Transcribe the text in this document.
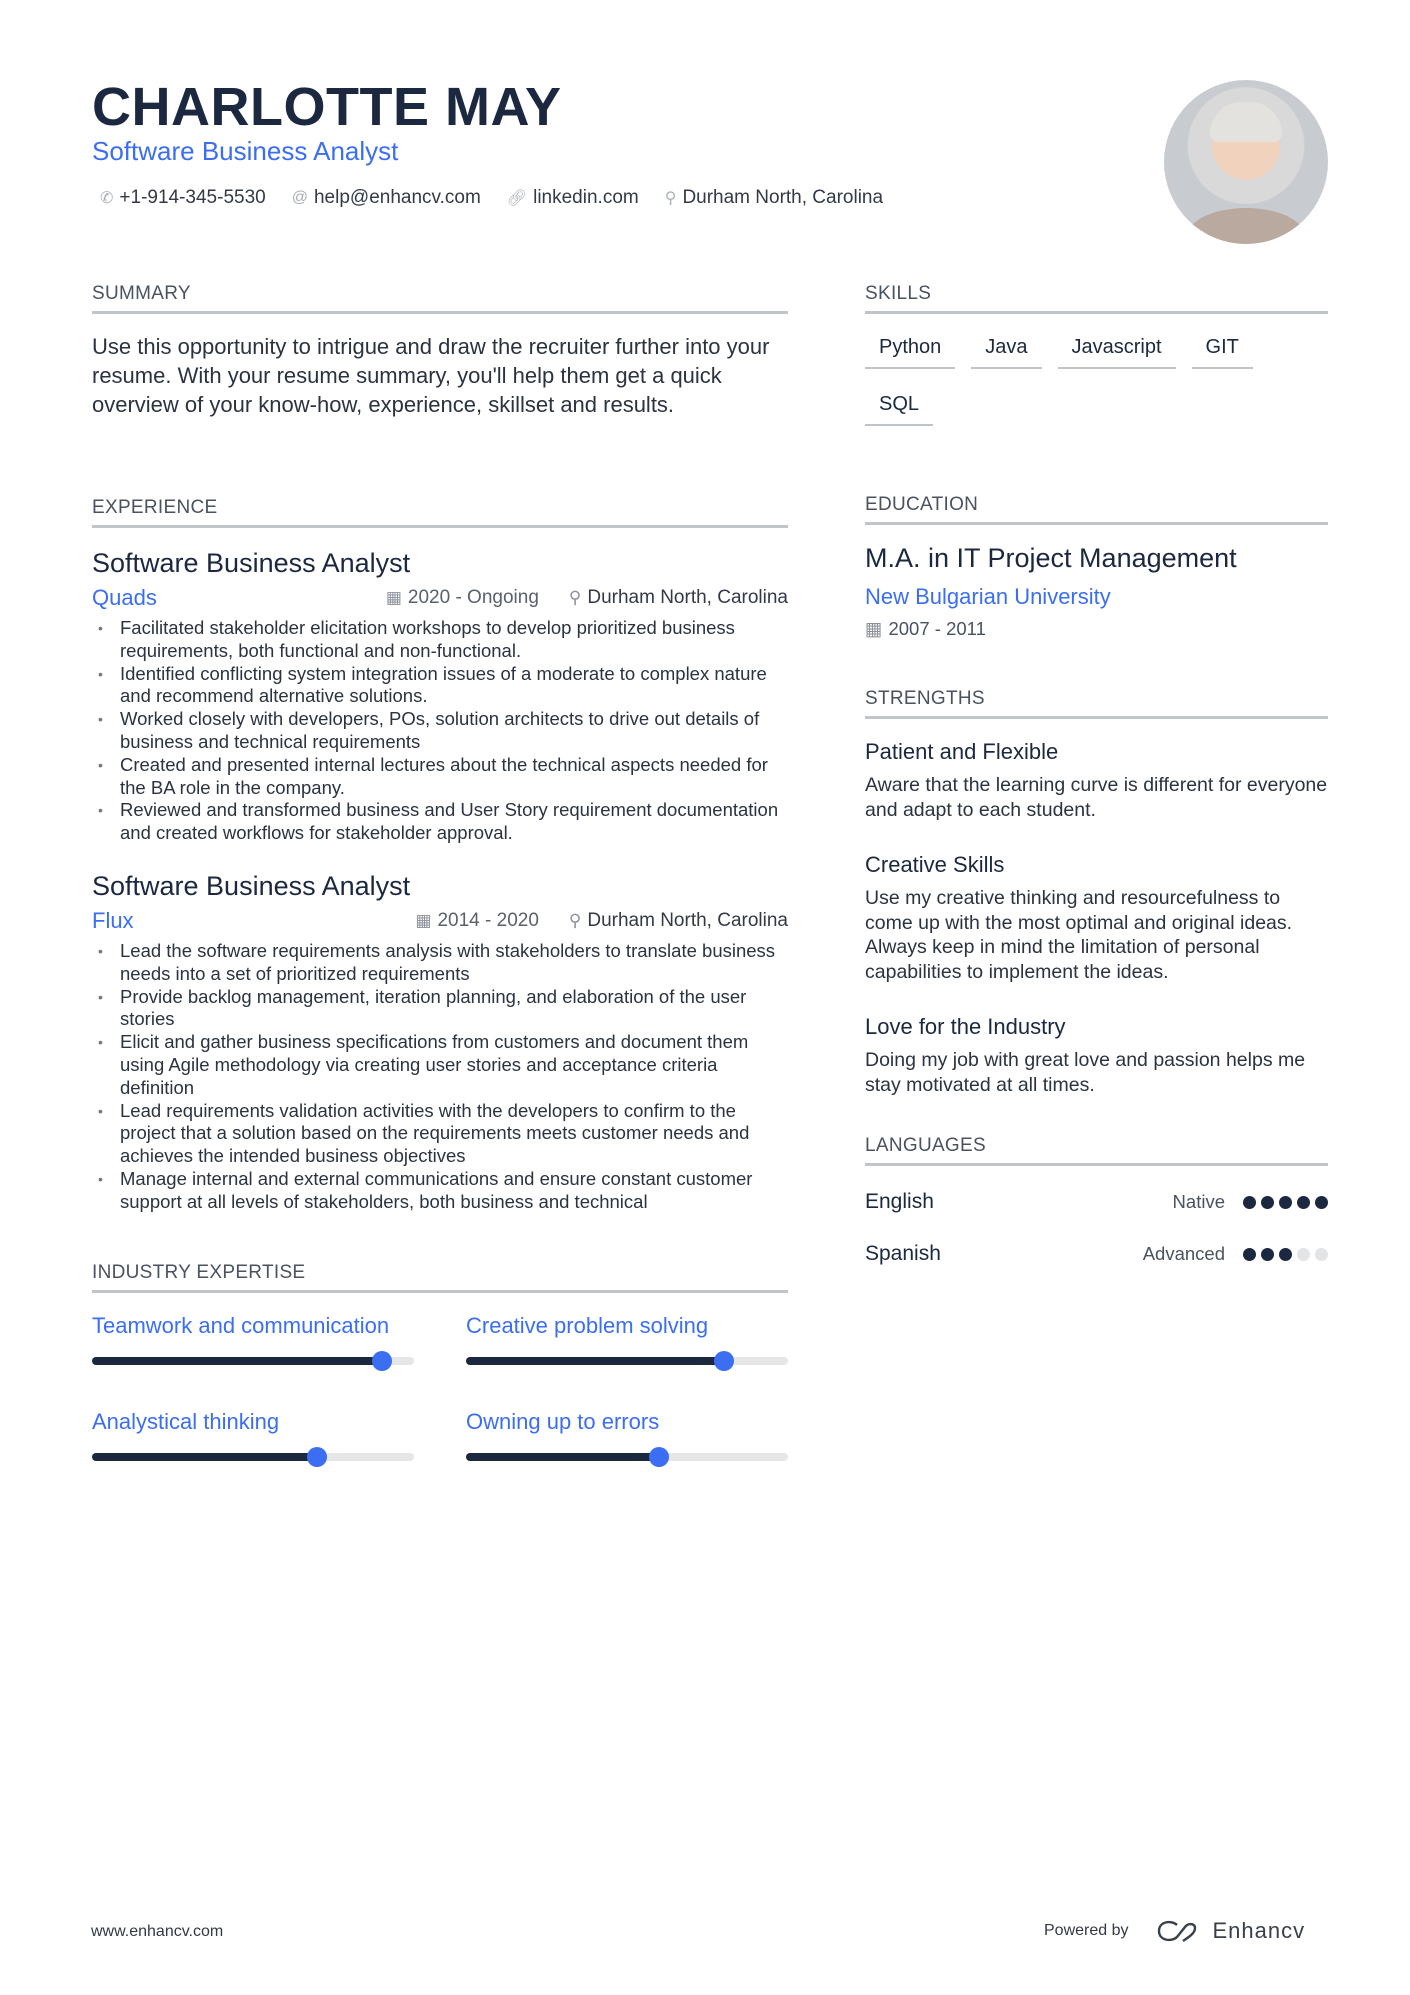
CHARLOTTE MAY
Software Business Analyst
✆ +1-914-345-5530 @ help@enhancv.com 🔗︎ linkedin.com ⚲ Durham North, Carolina
SUMMARY

Use this opportunity to intrigue and draw the recruiter further into your resume. With your resume summary, you'll help them get a quick overview of your know-how, experience, skillset and results.

EXPERIENCE
Software Business Analyst
Quads	▦ 2020 - Ongoing ⚲ Durham North, Carolina
• Facilitated stakeholder elicitation workshops to develop prioritized business requirements, both functional and non-functional.
• Identified conflicting system integration issues of a moderate to complex nature and recommend alternative solutions.
• Worked closely with developers, POs, solution architects to drive out details of business and technical requirements
• Created and presented internal lectures about the technical aspects needed for the BA role in the company.
• Reviewed and transformed business and User Story requirement documentation and created workflows for stakeholder approval.
Software Business Analyst
Flux	▦ 2014 - 2020 ⚲ Durham North, Carolina
• Lead the software requirements analysis with stakeholders to translate business needs into a set of prioritized requirements
• Provide backlog management, iteration planning, and elaboration of the user stories
• Elicit and gather business specifications from customers and document them using Agile methodology via creating user stories and acceptance criteria definition
• Lead requirements validation activities with the developers to confirm to the project that a solution based on the requirements meets customer needs and achieves the intended business objectives
• Manage internal and external communications and ensure constant customer support at all levels of stakeholders, both business and technical
INDUSTRY EXPERTISE
Teamwork and communication	Creative problem solving
Analystical thinking	Owning up to errors
SKILLS
Python	Java	Javascript	GIT
SQL
EDUCATION
M.A. in IT Project Management
New Bulgarian University
▦ 2007 - 2011
STRENGTHS
Patient and Flexible

Aware that the learning curve is different for everyone and adapt to each student.

Creative Skills

Use my creative thinking and resourcefulness to come up with the most optimal and original ideas. Always keep in mind the limitation of personal capabilities to implement the ideas.

Love for the Industry

Doing my job with great love and passion helps me stay motivated at all times.

LANGUAGES
English	Native
Spanish	Advanced
www.enhancv.com	Powered by	Enhancv
